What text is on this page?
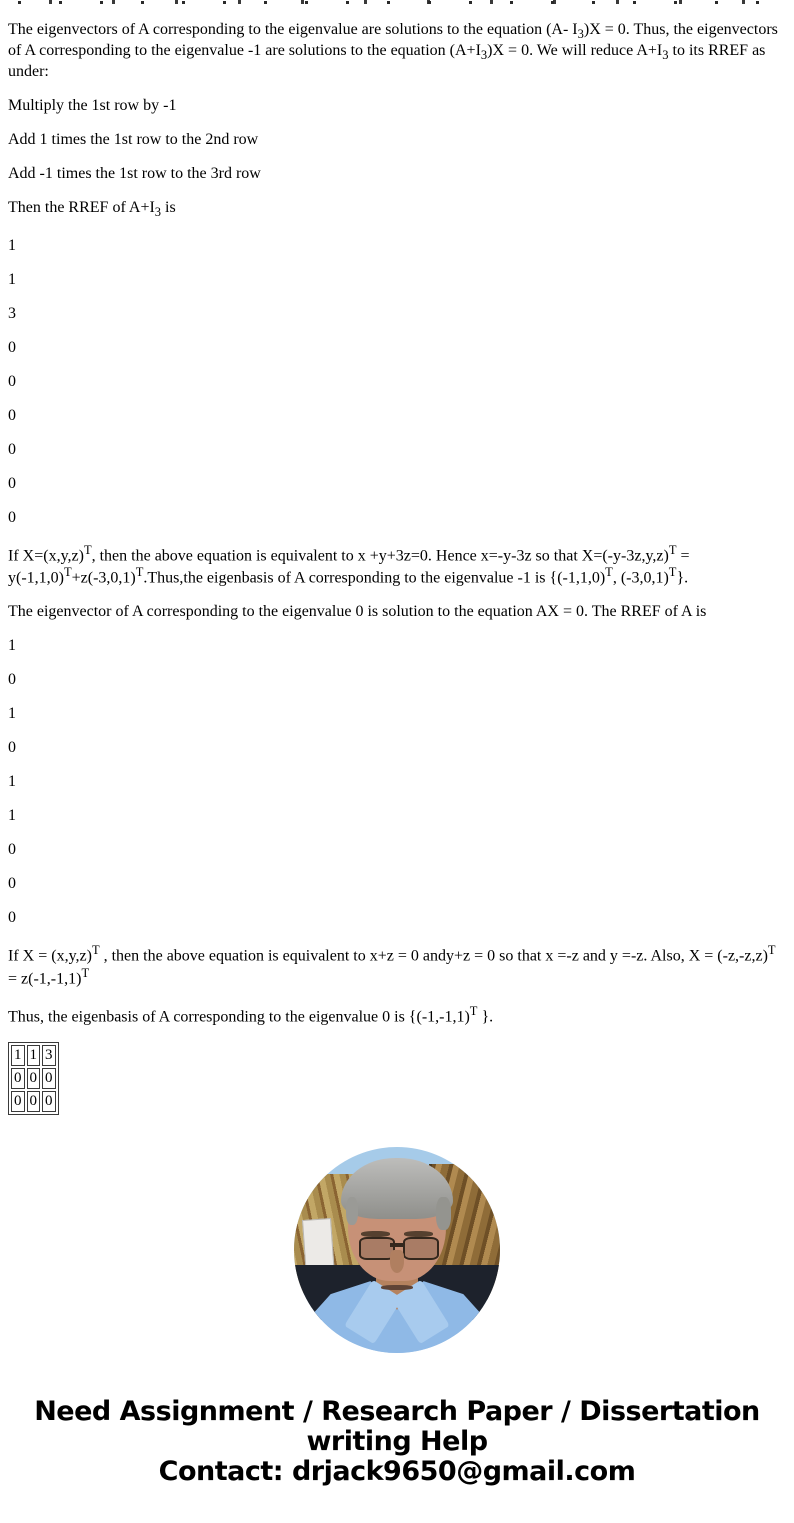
The eigenvectors of A corresponding to the eigenvalue are solutions to the equation (A- $I_3)X = 0$. Thus, the eigenvectors of A corresponding to the eigenvalue -1 are solutions to the equation $(A+I_3)X = 0$. We will reduce $A+I_3$ to its RREF as under:

Multiply the 1st row by -1

Add 1 times the 1st row to the 2nd row

Add -1 times the 1st row to the 3rd row

Then the RREF of $A+I_3$ is

1

1

3

0

0

0

0

0

0

If $X=(x,y,z)^T$, then the above equation is equivalent to x +y+3z=0. Hence x=-y-3z so that $X=(-y-3z,y,z)^T$ = $y(-1,1,0)^T+z(-3,0,1)^T.Thus,the$ eigenbasis of A corresponding to the eigenvalue -1 is {$(-1,1,0)^T$, $(-3,0,1)^T$}.

The eigenvector of A corresponding to the eigenvalue 0 is solution to the equation AX = 0. The RREF of A is

1

0

1

0

1

1

0

0

0

If $X = (x,y,z)^T$ , then the above equation is equivalent to x+z = 0 andy+z = 0 so that x =-z and y =-z. Also, $X = (-z,-z,z)^T = z(-1,-1,1)^T$

Thus, the eigenbasis of A corresponding to the eigenvalue 0 is {$(-1,-1,1)^T$ }.

1	1	3
0	0	0
0	0	0
Need Assignment / Research Paper / Dissertation
writing Help
Contact: drjack9650@gmail.com
